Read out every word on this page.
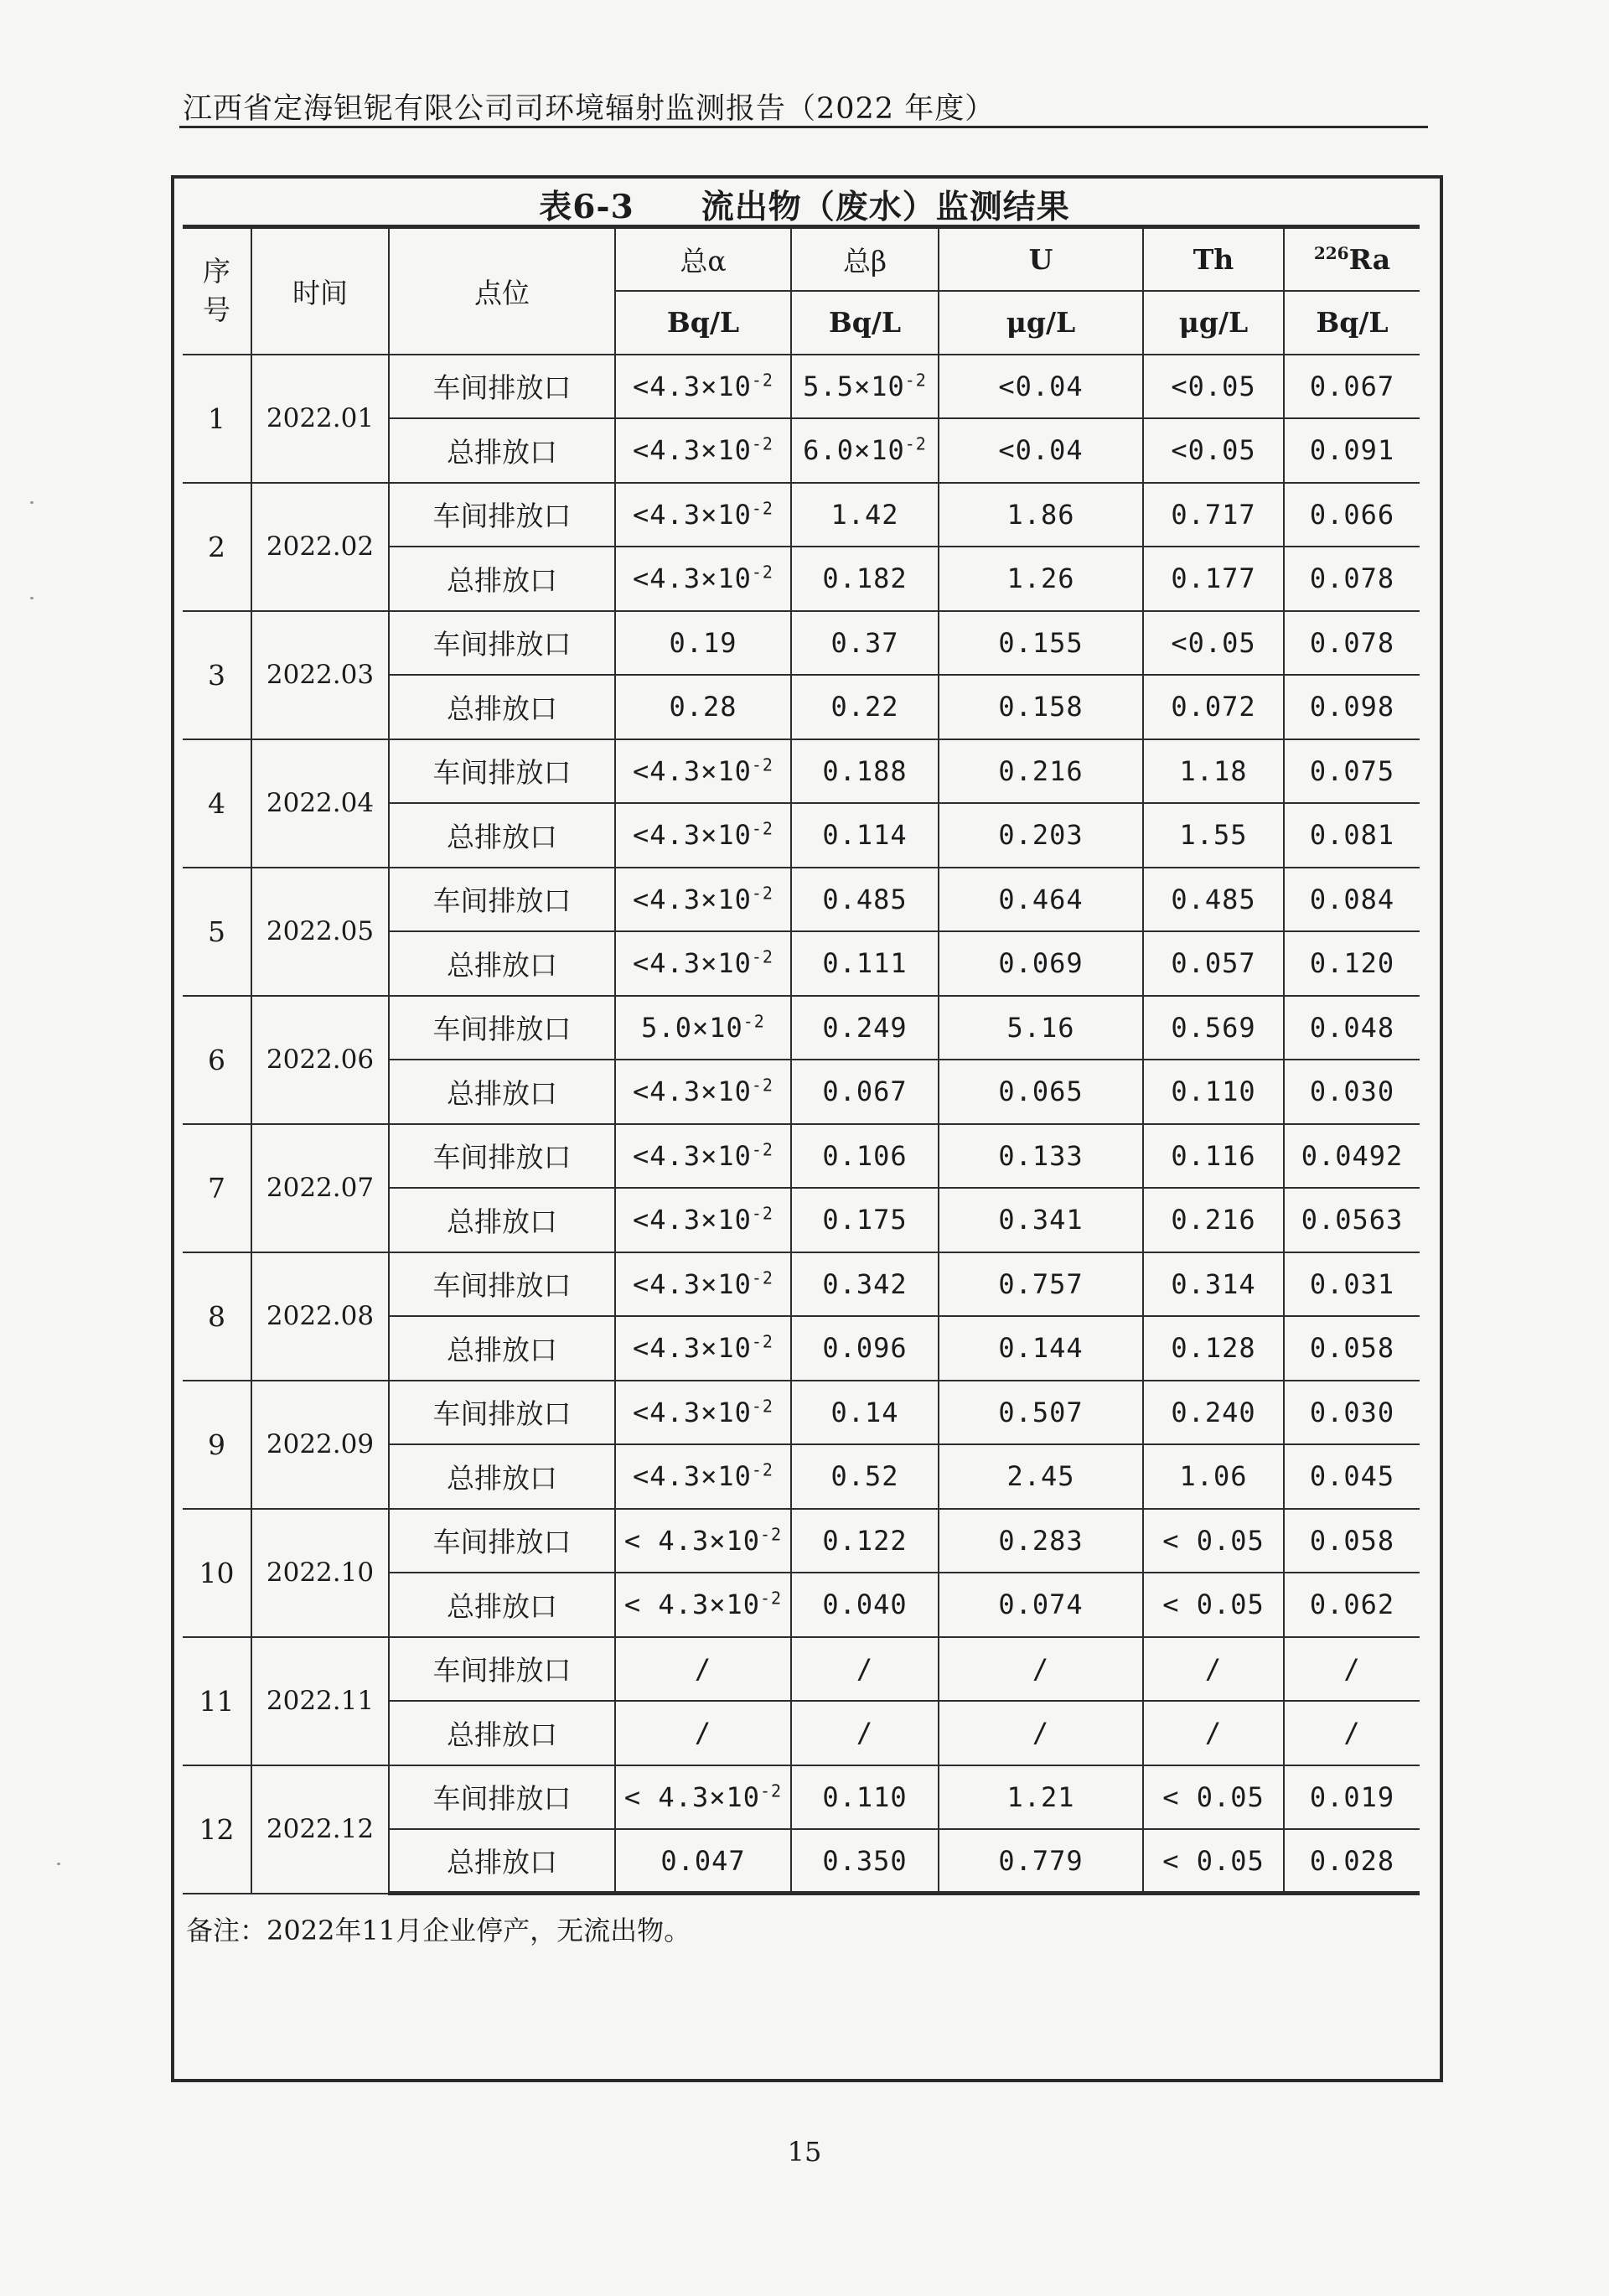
江西省定海钽铌有限公司司环境辐射监测报告（2022 年度）
表6-3 流出物（废水）监测结果
序
号	时间	点位	总α	总β	U	Th	$^{226}$Ra
			Bq/L	Bq/L	μg/L	μg/L	Bq/L
1	2022.01	车间排放口	$<4.3\times 10^{-2}$	$5.5\times 10^{-2}$	<0.04	<0.05	0.067
		总排放口	$<4.3\times 10^{-2}$	$6.0\times 10^{-2}$	<0.04	<0.05	0.091
2	2022.02	车间排放口	$<4.3\times 10^{-2}$	1.42	1.86	0.717	0.066
		总排放口	$<4.3\times 10^{-2}$	0.182	1.26	0.177	0.078
3	2022.03	车间排放口	0.19	0.37	0.155	<0.05	0.078
		总排放口	0.28	0.22	0.158	0.072	0.098
4	2022.04	车间排放口	$<4.3\times 10^{-2}$	0.188	0.216	1.18	0.075
		总排放口	$<4.3\times 10^{-2}$	0.114	0.203	1.55	0.081
5	2022.05	车间排放口	$<4.3\times 10^{-2}$	0.485	0.464	0.485	0.084
		总排放口	$<4.3\times 10^{-2}$	0.111	0.069	0.057	0.120
6	2022.06	车间排放口	$5.0\times 10^{-2}$	0.249	5.16	0.569	0.048
		总排放口	$<4.3\times 10^{-2}$	0.067	0.065	0.110	0.030
7	2022.07	车间排放口	$<4.3\times 10^{-2}$	0.106	0.133	0.116	0.0492
		总排放口	$<4.3\times 10^{-2}$	0.175	0.341	0.216	0.0563
8	2022.08	车间排放口	$<4.3\times 10^{-2}$	0.342	0.757	0.314	0.031
		总排放口	$<4.3\times 10^{-2}$	0.096	0.144	0.128	0.058
9	2022.09	车间排放口	$<4.3\times 10^{-2}$	0.14	0.507	0.240	0.030
		总排放口	$<4.3\times 10^{-2}$	0.52	2.45	1.06	0.045
10	2022.10	车间排放口	< $4.3\times 10^{-2}$	0.122	0.283	< 0.05	0.058
		总排放口	< $4.3\times 10^{-2}$	0.040	0.074	< 0.05	0.062
11	2022.11	车间排放口	/	/	/	/	/
		总排放口	/	/	/	/	/
12	2022.12	车间排放口	< $4.3\times 10^{-2}$	0.110	1.21	< 0.05	0.019
		总排放口	0.047	0.350	0.779	< 0.05	0.028
备注：2022年11月企业停产，无流出物。
15
